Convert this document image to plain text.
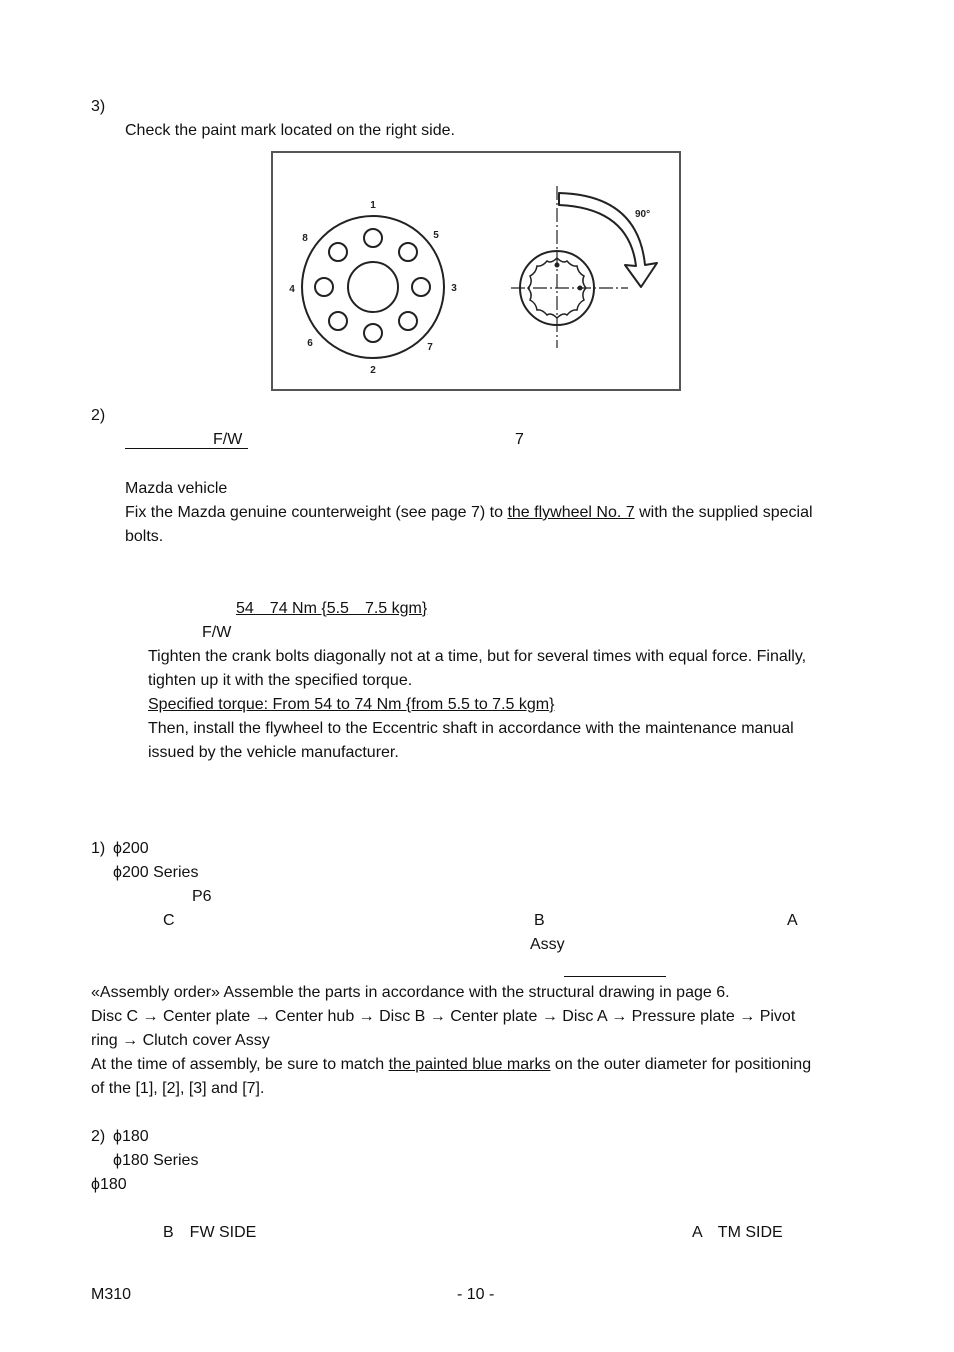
3)
Check the paint mark located on the right side.
1
2
3
4
5
6	7
8
90°
2)
F/W	7
Mazda vehicle
Fix the Mazda genuine counterweight (see page 7) to the flywheel No. 7 with the supplied special
bolts.
54　74 Nm {5.5　7.5 kgm}
F/W
Tighten the crank bolts diagonally not at a time, but for several times with equal force. Finally,
tighten up it with the specified torque.
Specified torque: From 54 to 74 Nm {from 5.5 to 7.5 kgm}
Then, install the flywheel to the Eccentric shaft in accordance with the maintenance manual
issued by the vehicle manufacturer.
1) ϕ200
ϕ200 Series
P6
C	B	A
Assy
«Assembly order» Assemble the parts in accordance with the structural drawing in page 6.
Disc C → Center plate → Center hub → Disc B → Center plate → Disc A → Pressure plate → Pivot
ring → Clutch cover Assy
At the time of assembly, be sure to match the painted blue marks on the outer diameter for positioning
of the [1], [2], [3] and [7].
2) ϕ180
ϕ180 Series
ϕ180
B　FW SIDE	A　TM SIDE
M310	- 10 -
